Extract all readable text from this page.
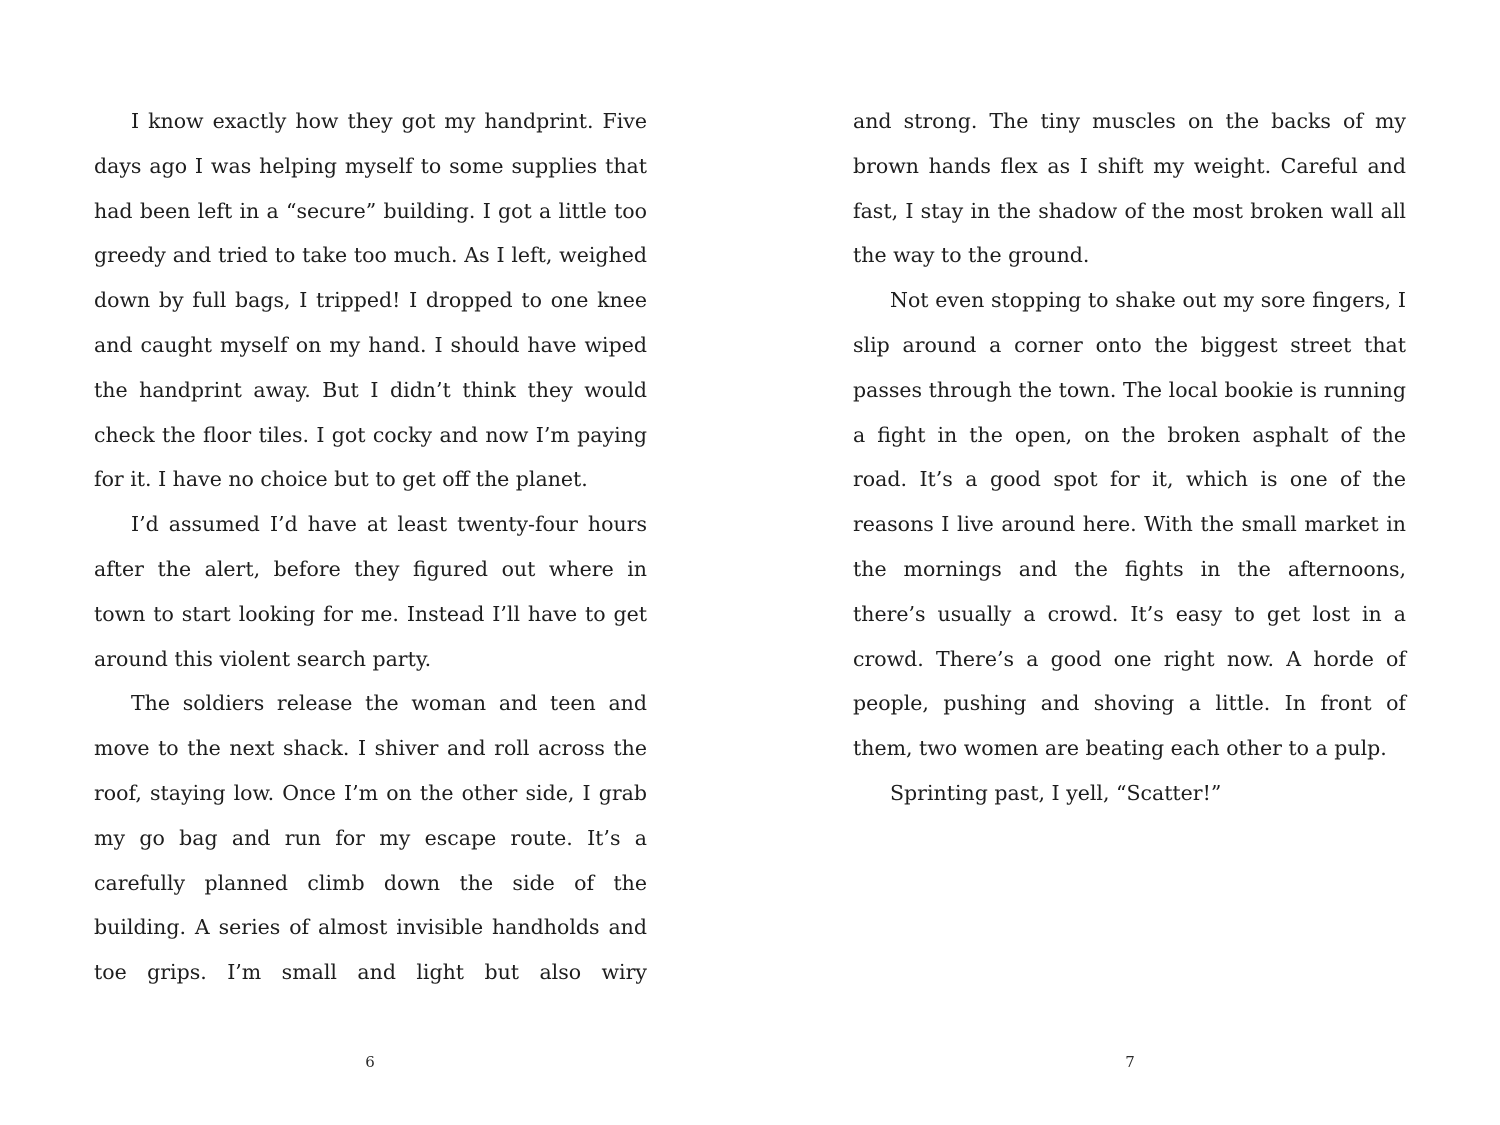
I know exactly how they got my handprint. Five days ago I was helping myself to some supplies that had been left in a “secure” building. I got a little too greedy and tried to take too much. As I left, weighed down by full bags, I tripped! I dropped to one knee and caught myself on my hand. I should have wiped the handprint away. But I didn’t think they would check the floor tiles. I got cocky and now I’m paying for it. I have no choice but to get off the planet.

I’d assumed I’d have at least twenty-four hours after the alert, before they figured out where in town to start looking for me. Instead I’ll have to get around this violent search party.

The soldiers release the woman and teen and move to the next shack. I shiver and roll across the roof, staying low. Once I’m on the other side, I grab my go bag and run for my escape route. It’s a carefully planned climb down the side of the building. A series of almost invisible handholds and toe grips. I’m small and light but also wiry

6

and strong. The tiny muscles on the backs of my brown hands flex as I shift my weight. Careful and fast, I stay in the shadow of the most broken wall all the way to the ground.

Not even stopping to shake out my sore fingers, I slip around a corner onto the biggest street that passes through the town. The local bookie is running a fight in the open, on the broken asphalt of the road. It’s a good spot for it, which is one of the reasons I live around here. With the small market in the mornings and the fights in the afternoons, there’s usually a crowd. It’s easy to get lost in a crowd. There’s a good one right now. A horde of people, pushing and shoving a little. In front of them, two women are beating each other to a pulp.

Sprinting past, I yell, “Scatter!”

7
